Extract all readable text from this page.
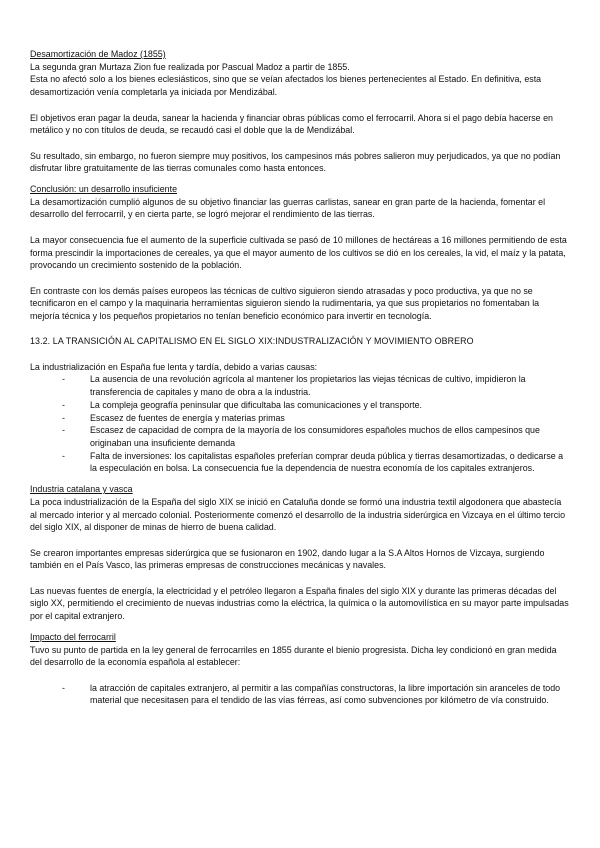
Desamortización de Madoz (1855)

La segunda gran Murtaza Zion fue realizada por Pascual Madoz a partir de 1855.

Esta no afectó solo a los bienes eclesiásticos, sino que se veían afectados los bienes pertenecientes al Estado. En definitiva, esta desamortización venía completarla ya iniciada por Mendizábal.

El objetivos eran pagar la deuda, sanear la hacienda y financiar obras públicas como el ferrocarril. Ahora si el pago debía hacerse en metálico y no con títulos de deuda, se recaudó casi el doble que la de Mendizábal.

Su resultado, sin embargo, no fueron siempre muy positivos, los campesinos más pobres salieron muy perjudicados, ya que no podían disfrutar libre gratuitamente de las tierras comunales como hasta entonces.

Conclusión: un desarrollo insuficiente

La desamortización cumplió algunos de su objetivo financiar las guerras carlistas, sanear en gran parte de la hacienda, fomentar el desarrollo del ferrocarril, y en cierta parte, se logró mejorar el rendimiento de las tierras.

La mayor consecuencia fue el aumento de la superficie cultivada se pasó de 10 millones de hectáreas a 16 millones permitiendo de esta forma prescindir la importaciones de cereales, ya que el mayor aumento de los cultivos se dió en los cereales, la vid, el maíz y la patata, provocando un crecimiento sostenido de la población.

En contraste con los demás países europeos las técnicas de cultivo siguieron siendo atrasadas y poco productiva, ya que no se tecnificaron en el campo y la maquinaria herramientas siguieron siendo la rudimentaria, ya que sus propietarios no fomentaban la mejoría técnica y los pequeños propietarios no tenían beneficio económico para invertir en tecnología.

13.2. LA TRANSICIÓN AL CAPITALISMO EN EL SIGLO XIX:INDUSTRALIZACIÓN Y MOVIMIENTO OBRERO

La industrialización en España fue lenta y tardía, debido a varias causas:

-	La ausencia de una revolución agrícola al mantener los propietarios las viejas técnicas de cultivo, impidieron la transferencia de capitales y mano de obra a la industria.
-	La compleja geografía peninsular que dificultaba las comunicaciones y el transporte.
-	Escasez de fuentes de energía y materias primas
-	Escasez de capacidad de compra de la mayoría de los consumidores españoles muchos de ellos campesinos que originaban una insuficiente demanda
-	Falta de inversiones: los capitalistas españoles preferían comprar deuda pública y tierras desamortizadas, o dedicarse a la especulación en bolsa. La consecuencia fue la dependencia de nuestra economía de los capitales extranjeros.
Industria catalana y vasca

La poca industrialización de la España del siglo XIX se inició en Cataluña donde se formó una industria textil algodonera que abastecía al mercado interior y al mercado colonial. Posteriormente comenzó el desarrollo de la industria siderúrgica en Vizcaya en el último tercio del siglo XIX, al disponer de minas de hierro de buena calidad.

Se crearon importantes empresas siderúrgica que se fusionaron en 1902, dando lugar a la S.A Altos Hornos de Vizcaya, surgiendo también en el País Vasco, las primeras empresas de construcciones mecánicas y navales.

Las nuevas fuentes de energía, la electricidad y el petróleo llegaron a España finales del siglo XIX y durante las primeras décadas del siglo XX, permitiendo el crecimiento de nuevas industrias como la eléctrica, la química o la automovilística en su mayor parte impulsadas por el capital extranjero.

Impacto del ferrocarril

Tuvo su punto de partida en la ley general de ferrocarriles en 1855 durante el bienio progresista. Dicha ley condicionó en gran medida del desarrollo de la economía española al establecer:

-	la atracción de capitales extranjero, al permitir a las compañías constructoras, la libre importación sin aranceles de todo material que necesitasen para el tendido de las vías férreas, así como subvenciones por kilómetro de vía construido.
